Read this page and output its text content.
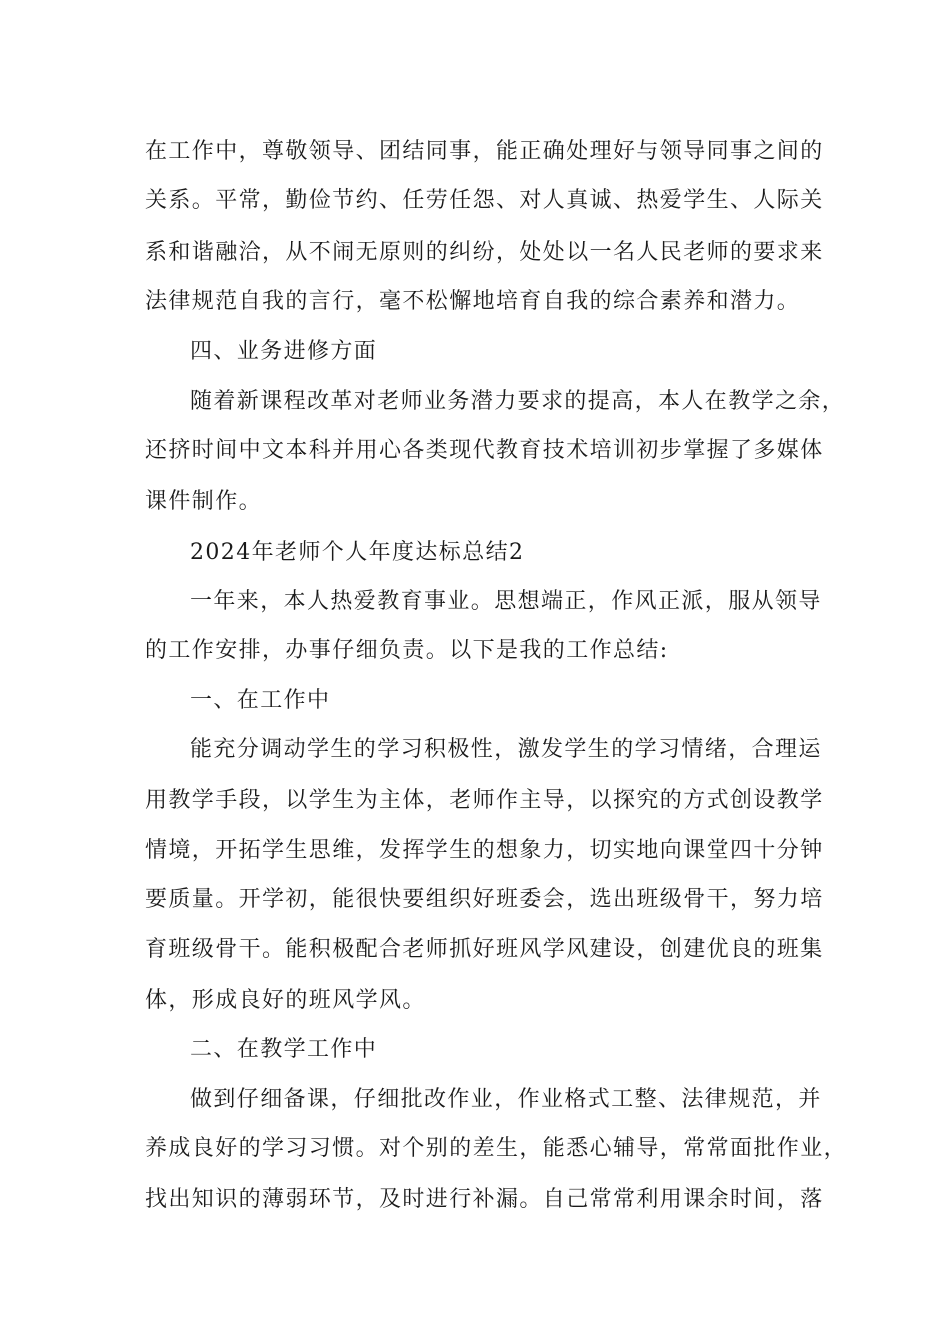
在工作中，尊敬领导、团结同事，能正确处理好与领导同事之间的
关系。平常，勤俭节约、任劳任怨、对人真诚、热爱学生、人际关
系和谐融洽，从不闹无原则的纠纷，处处以一名人民老师的要求来
法律规范自我的言行，毫不松懈地培育自我的综合素养和潜力。
四、业务进修方面
随着新课程改革对老师业务潜力要求的提高，本人在教学之余，
还挤时间中文本科并用心各类现代教育技术培训初步掌握了多媒体
课件制作。
2024年老师个人年度达标总结2
一年来，本人热爱教育事业。思想端正，作风正派，服从领导
的工作安排，办事仔细负责。以下是我的工作总结:
一、在工作中
能充分调动学生的学习积极性，激发学生的学习情绪，合理运
用教学手段，以学生为主体，老师作主导，以探究的方式创设教学
情境，开拓学生思维，发挥学生的想象力，切实地向课堂四十分钟
要质量。开学初，能很快要组织好班委会，选出班级骨干，努力培
育班级骨干。能积极配合老师抓好班风学风建设，创建优良的班集
体，形成良好的班风学风。
二、在教学工作中
做到仔细备课，仔细批改作业，作业格式工整、法律规范，并
养成良好的学习习惯。对个别的差生，能悉心辅导，常常面批作业，
找出知识的薄弱环节，及时进行补漏。自己常常利用课余时间，落
